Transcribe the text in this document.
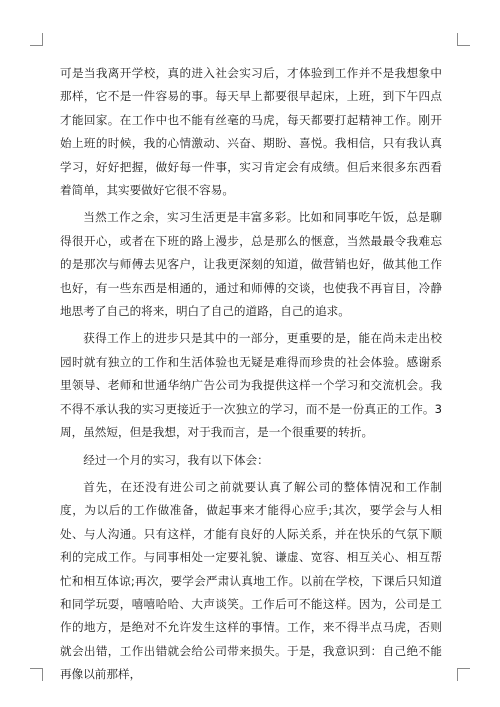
可是当我离开学校，真的进入社会实习后，才体验到工作并不是我想象中那样，它不是一件容易的事。每天早上都要很早起床，上班，到下午四点才能回家。在工作中也不能有丝毫的马虎，每天都要打起精神工作。刚开始上班的时候，我的心情激动、兴奋、期盼、喜悦。我相信，只有我认真学习，好好把握，做好每一件事，实习肯定会有成绩。但后来很多东西看着简单，其实要做好它很不容易。

当然工作之余，实习生活更是丰富多彩。比如和同事吃午饭，总是聊得很开心，或者在下班的路上漫步，总是那么的惬意，当然最最令我难忘的是那次与师傅去见客户，让我更深刻的知道，做营销也好，做其他工作也好，有一些东西是相通的，通过和师傅的交谈，也使我不再盲目，冷静地思考了自己的将来，明白了自己的道路，自己的追求。

获得工作上的进步只是其中的一部分，更重要的是，能在尚未走出校园时就有独立的工作和生活体验也无疑是难得而珍贵的社会体验。感谢系里领导、老师和世通华纳广告公司为我提供这样一个学习和交流机会。我不得不承认我的实习更接近于一次独立的学习，而不是一份真正的工作。3周，虽然短，但是我想，对于我而言，是一个很重要的转折。

经过一个月的实习，我有以下体会：

首先，在还没有进公司之前就要认真了解公司的整体情况和工作制度，为以后的工作做准备，做起事来才能得心应手;其次，要学会与人相处、与人沟通。只有这样，才能有良好的人际关系，并在快乐的气氛下顺利的完成工作。与同事相处一定要礼貌、谦虚、宽容、相互关心、相互帮忙和相互体谅;再次，要学会严肃认真地工作。以前在学校，下课后只知道和同学玩耍，嘻嘻哈哈、大声谈笑。工作后可不能这样。因为，公司是工作的地方，是绝对不允许发生这样的事情。工作，来不得半点马虎，否则就会出错，工作出错就会给公司带来损失。于是，我意识到：自己绝不能再像以前那样，
